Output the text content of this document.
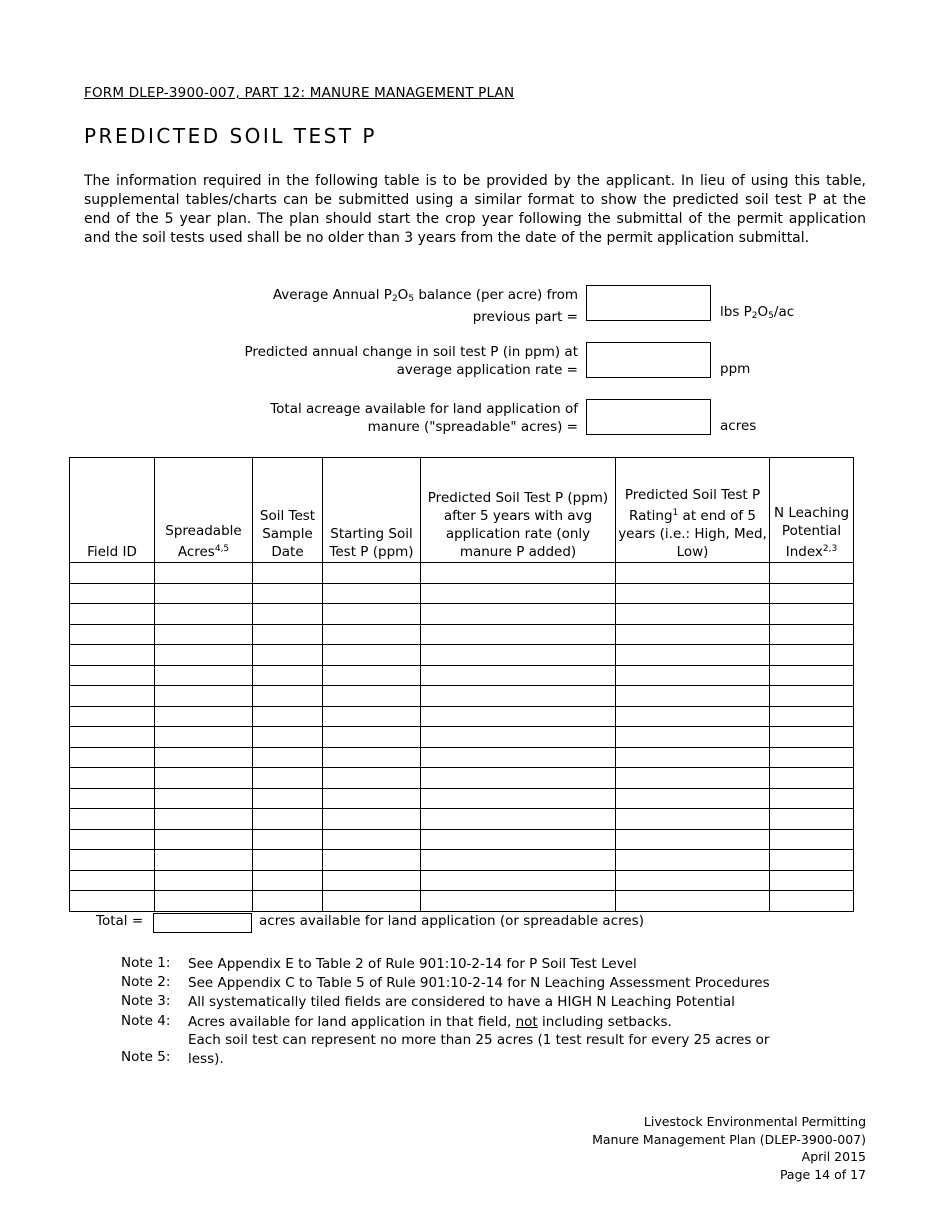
FORM DLEP-3900-007, PART 12: MANURE MANAGEMENT PLAN
PREDICTED SOIL TEST P

The information required in the following table is to be provided by the applicant. In lieu of using this table, supplemental tables/charts can be submitted using a similar format to show the predicted soil test P at the end of the 5 year plan. The plan should start the crop year following the submittal of the permit application and the soil tests used shall be no older than 3 years from the date of the permit application submittal.

Average Annual $P_2O_5$ balance (per acre) from
previous part =	lbs $P_2O_5/ac$
Predicted annual change in soil test P (in ppm) at
average application rate =	ppm
Total acreage available for land application of
manure ("spreadable" acres) =	acres
Field ID	Spreadable Acres$^{4,5}$	Soil Test Sample Date	Starting Soil Test P (ppm)	Predicted Soil Test P (ppm) after 5 years with avg application rate (only manure P added)	Predicted Soil Test P Rating$^1$ at end of 5 years (i.e.: High, Med, Low)	N Leaching Potential Index$^{2,3}$

Total =	acres available for land application (or spreadable acres)
Note 1: See Appendix E to Table 2 of Rule 901:10-2-14 for P Soil Test Level
Note 2: See Appendix C to Table 5 of Rule 901:10-2-14 for N Leaching Assessment Procedures
Note 3: All systematically tiled fields are considered to have a HIGH N Leaching Potential
Note 4: Acres available for land application in that field, not including setbacks.
Note 5:
Each soil test can represent no more than 25 acres (1 test result for every 25 acres or less).
Livestock Environmental Permitting
Manure Management Plan (DLEP-3900-007)
April 2015
Page 14 of 17
